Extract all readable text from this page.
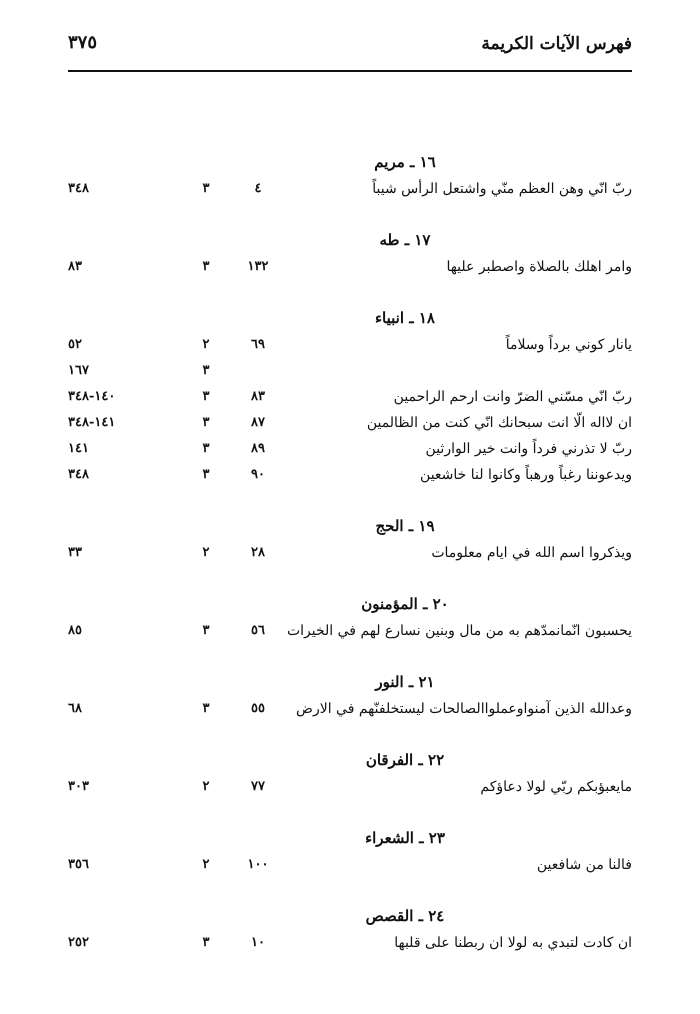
فهرس الآيات الكريمة
٣٧٥
١٦ ـ مريم
ربّ انّي وهن العظم منّي واشتعل الرأس شيباً
٤
٣
٣٤٨
١٧ ـ طه
وامر اهلك بالصلاة واصطبر عليها
١٣٢
٣
٨٣
١٨ ـ انبياء
يانار كوني برداً وسلاماً
٦٩
٢
٥٢
٣
١٦٧
ربّ انّي مسّني الضرّ وانت ارحم الراحمين
٨٣
٣
١٤٠-٣٤٨
ان لااله الّا انت سبحانك انّي كنت من الظالمين
٨٧
٣
١٤١-٣٤٨
ربّ لا تذرني فرداً وانت خير الوارثين
٨٩
٣
١٤١
ويدعوننا رغباً ورهباً وكانوا لنا خاشعين
٩٠
٣
٣٤٨
١٩ ـ الحج
ويذكروا اسم الله في ايام معلومات
٢٨
٢
٣٣
٢٠ ـ المؤمنون
يحسبون انّمانمدّهم به من مال وبنين نسارع لهم في الخيرات
٥٦
٣
٨٥
٢١ ـ النور
وعدالله الذين آمنواوعملواالصالحات ليستخلفنّهم في الارض
٥٥
٣
٦٨
٢٢ ـ الفرقان
مايعبؤبكم ربّي لولا دعاؤكم
٧٧
٢
٣٠٣
٢٣ ـ الشعراء
فالنا من شافعين
١٠٠
٢
٣٥٦
٢٤ ـ القصص
ان كادت لتبدي به لولا ان ربطنا على قلبها
١٠
٣
٢٥٢
